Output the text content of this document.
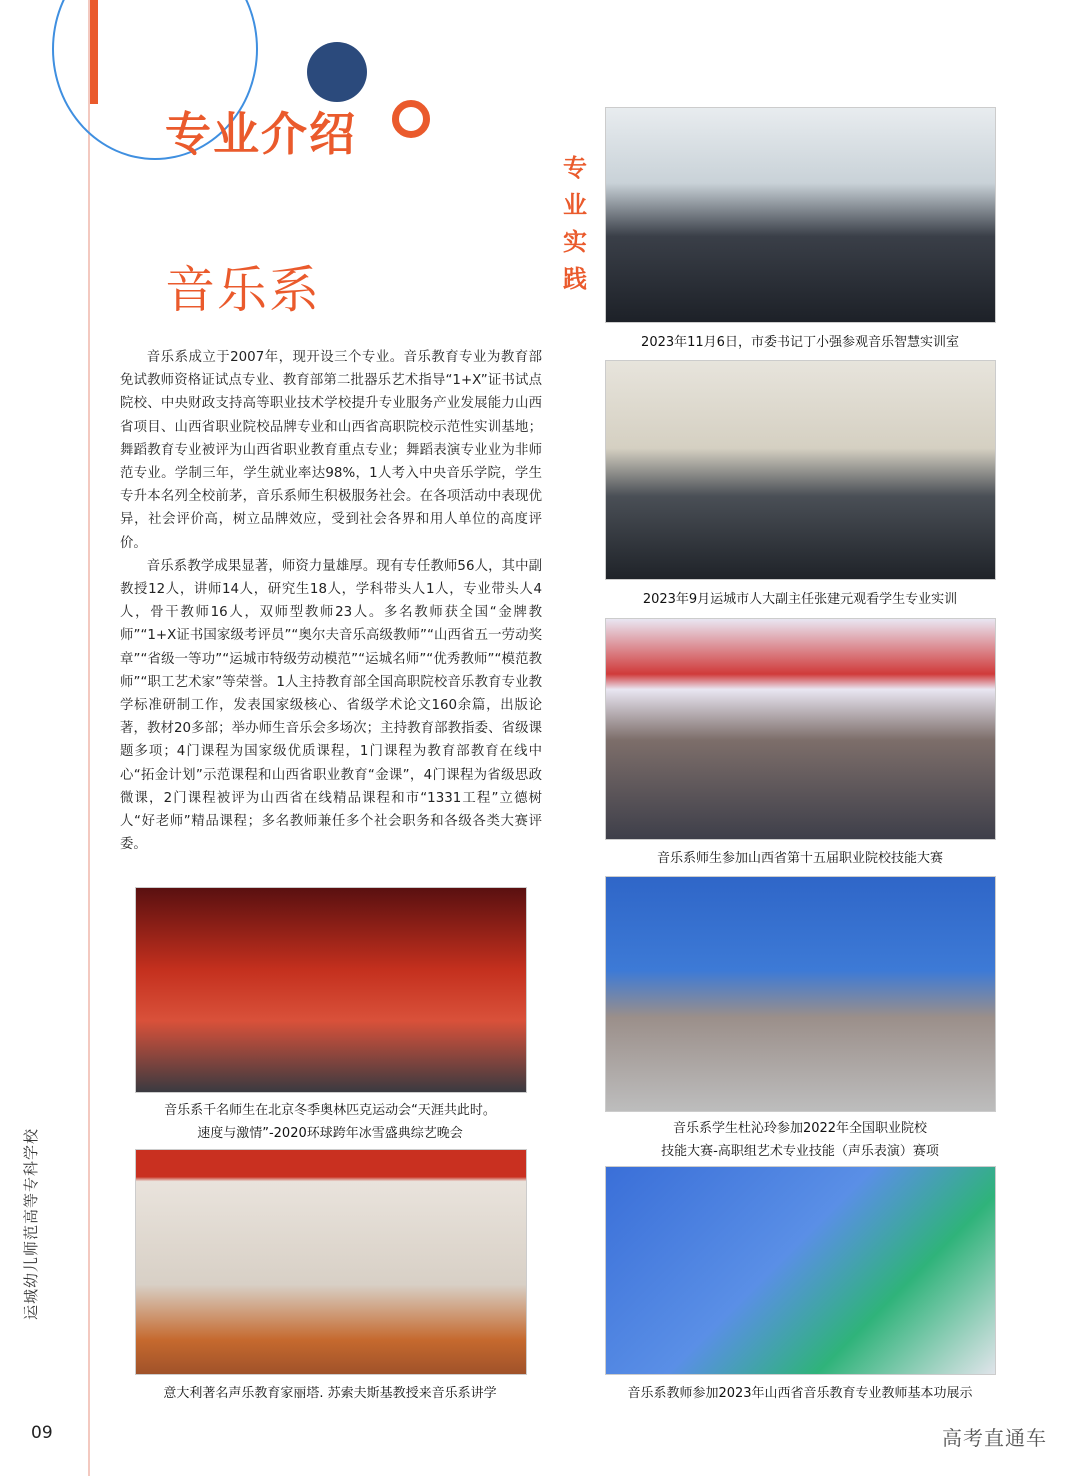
专业介绍
音乐系
专业实践

音乐系成立于2007年，现开设三个专业。音乐教育专业为教育部免试教师资格证试点专业、教育部第二批器乐艺术指导“1+X”证书试点院校、中央财政支持高等职业技术学校提升专业服务产业发展能力山西省项目、山西省职业院校品牌专业和山西省高职院校示范性实训基地；舞蹈教育专业被评为山西省职业教育重点专业；舞蹈表演专业业为非师范专业。学制三年，学生就业率达98%，1人考入中央音乐学院，学生专升本名列全校前茅，音乐系师生积极服务社会。在各项活动中表现优异，社会评价高，树立品牌效应，受到社会各界和用人单位的高度评价。

音乐系教学成果显著，师资力量雄厚。现有专任教师56人，其中副教授12人，讲师14人，研究生18人，学科带头人1人，专业带头人4人，骨干教师16人，双师型教师23人。多名教师获全国“金牌教师”“1+X证书国家级考评员”“奥尔夫音乐高级教师”“山西省五一劳动奖章”“省级一等功”“运城市特级劳动模范”“运城名师”“优秀教师”“模范教师”“职工艺术家”等荣誉。1人主持教育部全国高职院校音乐教育专业教学标准研制工作，发表国家级核心、省级学术论文160余篇，出版论著，教材20多部；举办师生音乐会多场次；主持教育部教指委、省级课题多项；4门课程为国家级优质课程，1门课程为教育部教育在线中心“拓金计划”示范课程和山西省职业教育“金课”，4门课程为省级思政微课，2门课程被评为山西省在线精品课程和市“1331工程”立德树人“好老师”精品课程；多名教师兼任多个社会职务和各级各类大赛评委。

2023年11月6日，市委书记丁小强参观音乐智慧实训室
2023年9月运城市人大副主任张建元观看学生专业实训
音乐系师生参加山西省第十五届职业院校技能大赛
音乐系学生杜沁玲参加2022年全国职业院校
技能大赛-高职组艺术专业技能（声乐表演）赛项
音乐系教师参加2023年山西省音乐教育专业教师基本功展示
音乐系千名师生在北京冬季奥林匹克运动会“天涯共此时。
速度与激情”-2020环球跨年冰雪盛典综艺晚会
意大利著名声乐教育家丽塔. 苏索夫斯基教授来音乐系讲学
运城幼儿师范高等专科学校
09	高考直通车
